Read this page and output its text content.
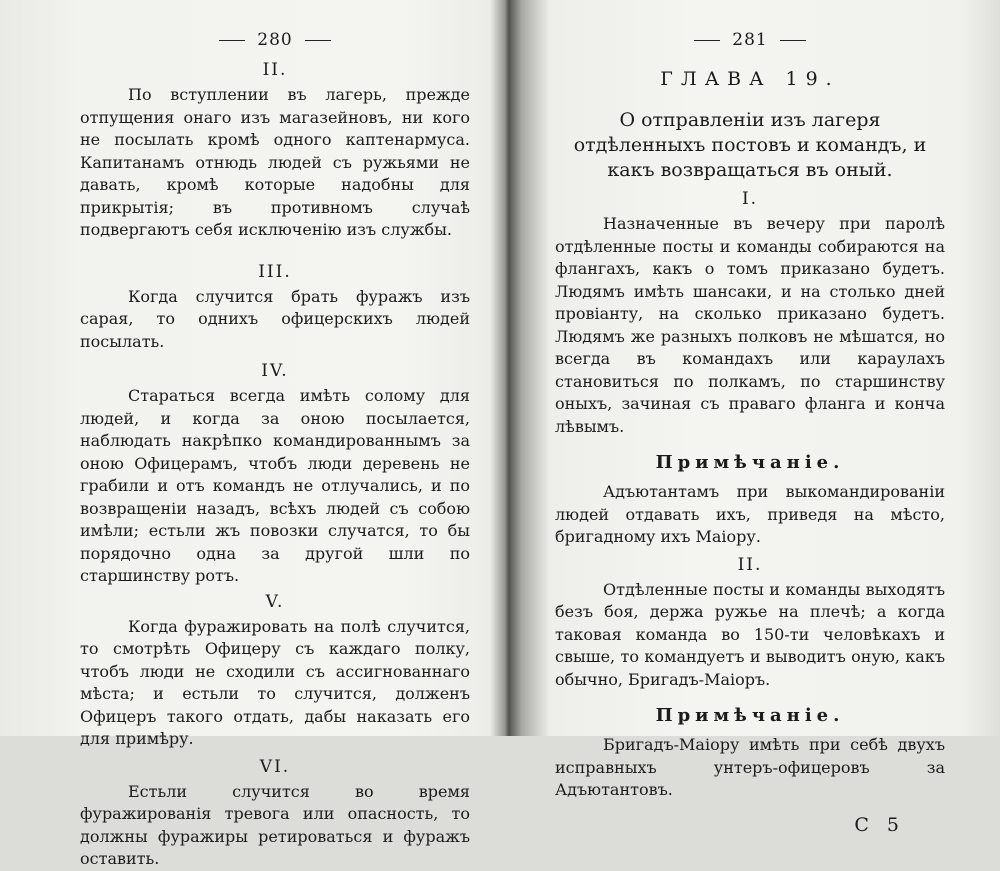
280
II.

По вступлении въ лагерь, прежде отпущения онаго изъ магазейновъ, ни кого не посылать кромѣ одного каптенармуса. Капитанамъ отнюдь людей съ ружьями не давать, кромѣ которые надобны для прикрытія; въ противномъ случаѣ подвергаютъ себя исключенію изъ службы.

III.

Когда случится брать фуражъ изъ сарая, то однихъ офицерскихъ людей посылать.

IV.

Стараться всегда имѣть солому для людей, и когда за оною посылается, наблюдать накрѣпко командированнымъ за оною Офицерамъ, чтобъ люди деревень не грабили и отъ командъ не отлучались, и по возвращеніи назадъ, всѣхъ людей съ собою имѣли; естьли жъ повозки случатся, то бы порядочно одна за другой шли по старшинству ротъ.

V.

Когда фуражировать на полѣ случится, то смотрѣть Офицеру съ каждаго полку, чтобъ люди не сходили съ ассигнованнаго мѣста; и естьли то случится, долженъ Офицеръ такого отдать, дабы наказать его для примѣру.

VI.

Естьли случится во время фуражированія тревога или опасность, то должны фуражиры ретироваться и фуражъ оставить.

281
ГЛАВА 19.
О отправленіи изъ лагеря отдѣленныхъ постовъ и командъ, и какъ возвращаться въ оный.
I.

Назначенные въ вечеру при паролѣ отдѣленные посты и команды собираются на флангахъ, какъ о томъ приказано будетъ. Людямъ имѣть шансаки, и на столько дней провіанту, на сколько приказано будетъ. Людямъ же разныхъ полковъ не мѣшатся, но всегда въ командахъ или караулахъ становиться по полкамъ, по старшинству оныхъ, зачиная съ праваго фланга и конча лѣвымъ.

Примѣчаніе.

Адъютантамъ при выкомандированіи людей отдавать ихъ, приведя на мѣсто, бригадному ихъ Маіору.

II.

Отдѣленные посты и команды выходятъ безъ боя, держа ружье на плечѣ; а когда таковая команда во 150-ти человѣкахъ и свыше, то командуетъ и выводитъ оную, какъ обычно, Бригадъ-Маіоръ.

Примѣчаніе.

Бригадъ-Маіору имѣть при себѣ двухъ исправныхъ унтеръ-офицеровъ за Адъютантовъ.

C 5
